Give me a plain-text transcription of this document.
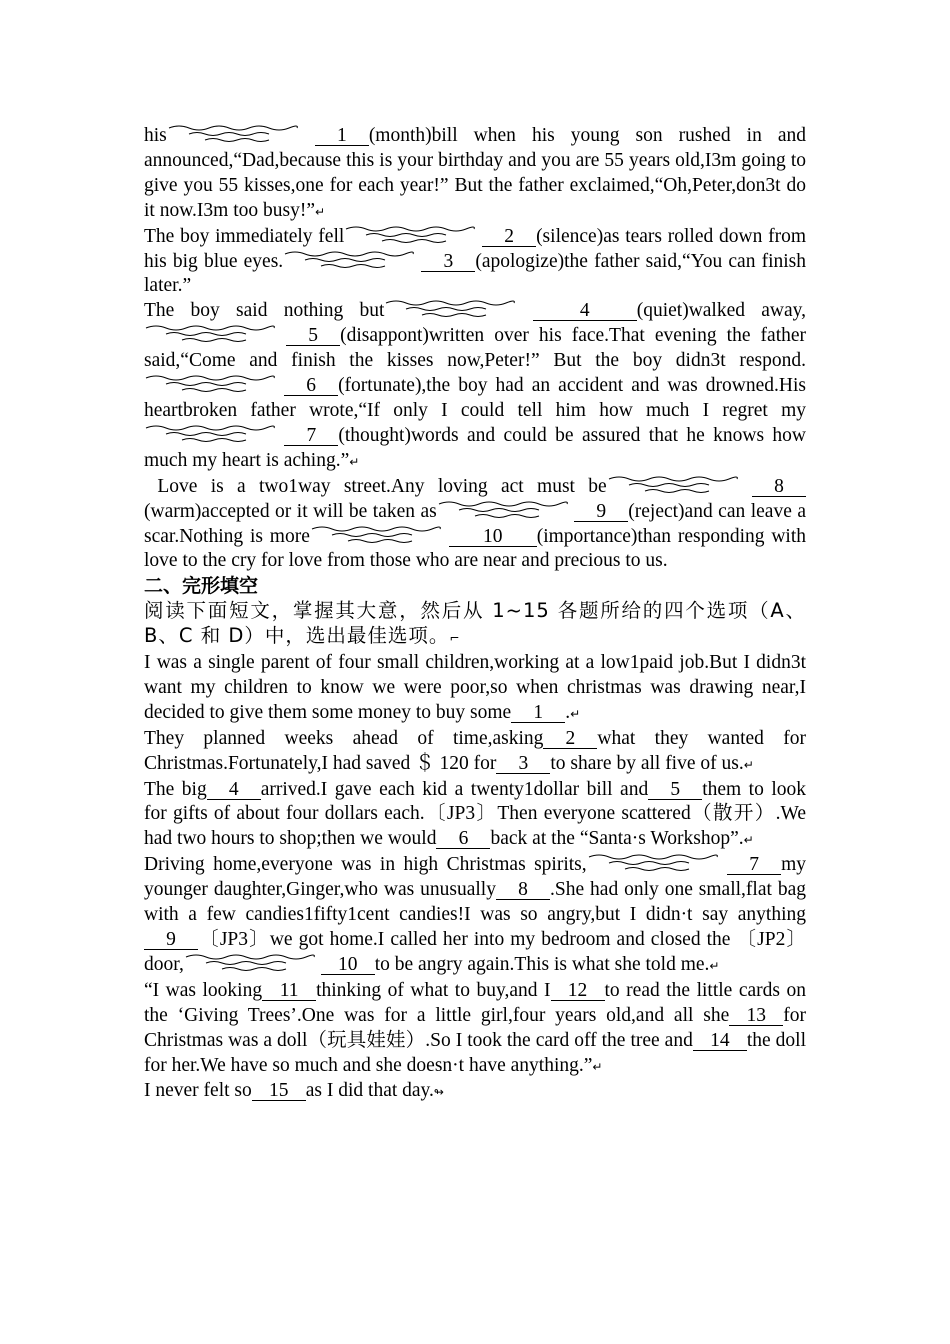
his	1 (month)bill when his young son rushed in and announced,“Dad,because this is your birthday and you are 55 years old,I3m going to give you 55 kisses,one for each year!” But the father exclaimed,“Oh,Peter,don3t do it now.I3m too busy!”↵

The boy immediately fell	2 (silence)as tears rolled down from his big blue eyes.	3 (apologize)the father said,“You can finish later.”

The boy said nothing but	4 (quiet)walked away, 5 (disappont)written over his face.That evening the father said,“Come and finish the kisses now,Peter!” But the boy didn3t respond. 6 (fortunate),the boy had an accident and was drowned.His heartbroken father wrote,“If only I could tell him how much I regret my 7 (thought)words and could be assured that he knows how much my heart is aching.”↵

Love is a two1way street.Any loving act must be	8(warm)accepted or it will be taken as	9 (reject)and can leave a scar.Nothing is more	10 (importance)than responding with love to the cry for love from those who are near and precious to us.

二、完形填空

阅读下面短文，掌握其大意，然后从 1~15 各题所给的四个选项（A、B、C 和 D）中，选出最佳选项。⌐

I was a single parent of four small children,working at a low1paid job.But I didn3t want my children to know we were poor,so when christmas was drawing near,I decided to give them some money to buy some 1 .↵

They planned weeks ahead of time,asking 2 what they wanted for Christmas.Fortunately,I had saved ＄ 120 for 3 to share by all five of us.↵

The big 4 arrived.I gave each kid a twenty1dollar bill and 5 them to look for gifts of about four dollars each.〔JP3〕Then everyone scattered（散开）.We had two hours to shop;then we would 6 back at the “Santa·s Workshop”.↵

Driving home,everyone was in high Christmas spirits,	7 my younger daughter,Ginger,who was unusually 8 .She had only one small,flat bag with a few candies1fifty1cent candies!I was so angry,but I didn·t say anything9 〔JP3〕we got home.I called her into my bedroom and closed the 〔JP2〕door,	10 to be angry again.This is what she told me.↵

“I was looking 11 thinking of what to buy,and I 12 to read the little cards on the ‘Giving Trees’.One was for a little girl,four years old,and all she 13 for Christmas was a doll（玩具娃娃）.So I took the card off the tree and 14 the doll for her.We have so much and she doesn·t have anything.”↵

I never felt so 15 as I did that day.↬
